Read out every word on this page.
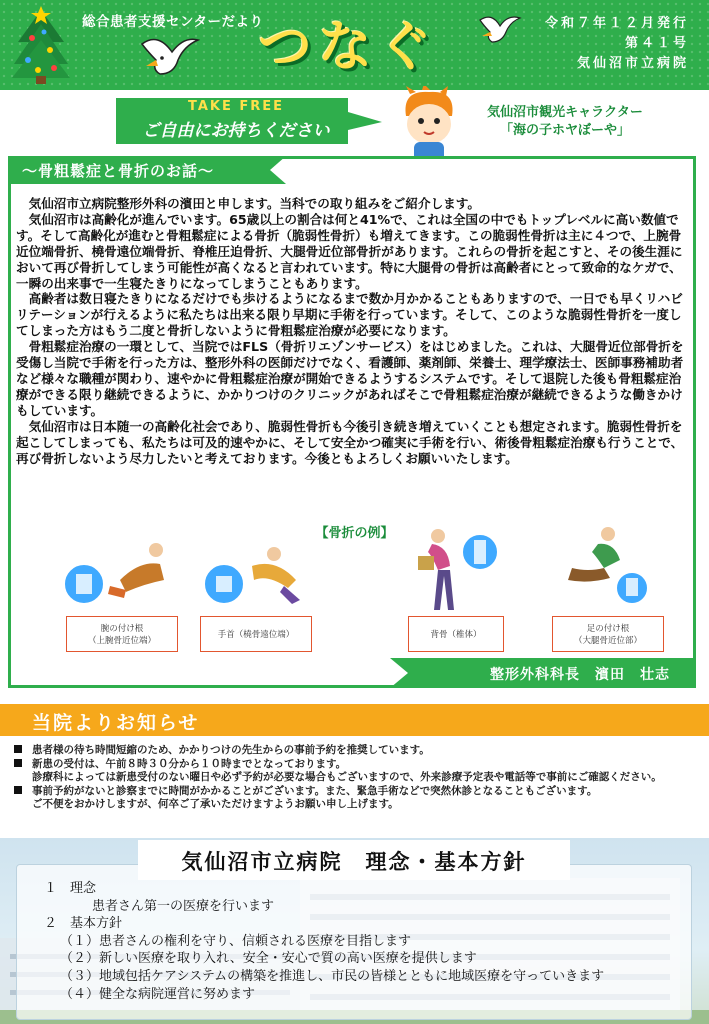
総合患者支援センターだより
つなぐ	令和７年１２月発行
第４１号
気仙沼市立病院
TAKE FREE
ご自由にお持ちください
気仙沼市観光キャラクター
「海の子ホヤぼーや」
～骨粗鬆症と骨折のお話～

気仙沼市立病院整形外科の濱田と申します。当科での取り組みをご紹介します。

気仙沼市は高齢化が進んでいます。65歳以上の割合は何と41%で、これは全国の中でもトップレベルに高い数値です。そして高齢化が進むと骨粗鬆症による骨折（脆弱性骨折）も増えてきます。この脆弱性骨折は主に４つで、上腕骨近位端骨折、橈骨遠位端骨折、脊椎圧迫骨折、大腿骨近位部骨折があります。これらの骨折を起こすと、その後生涯において再び骨折してしまう可能性が高くなると言われています。特に大腿骨の骨折は高齢者にとって致命的なケガで、一瞬の出来事で一生寝たきりになってしまうこともあります。

高齢者は数日寝たきりになるだけでも歩けるようになるまで数か月かかることもありますので、一日でも早くリハビリテーションが行えるように私たちは出来る限り早期に手術を行っています。そして、このような脆弱性骨折を一度してしまった方はもう二度と骨折しないように骨粗鬆症治療が必要になります。

骨粗鬆症治療の一環として、当院ではFLS（骨折リエゾンサービス）をはじめました。これは、大腿骨近位部骨折を受傷し当院で手術を行った方は、整形外科の医師だけでなく、看護師、薬剤師、栄養士、理学療法士、医師事務補助者など様々な職種が関わり、速やかに骨粗鬆症治療が開始できるようするシステムです。そして退院した後も骨粗鬆症治療ができる限り継続できるように、かかりつけのクリニックがあればそこで骨粗鬆症治療が継続できるような働きかけもしています。

気仙沼市は日本随一の高齢化社会であり、脆弱性骨折も今後引き続き増えていくことも想定されます。脆弱性骨折を起こしてしまっても、私たちは可及的速やかに、そして安全かつ確実に手術を行い、術後骨粗鬆症治療も行うことで、再び骨折しないよう尽力したいと考えております。今後ともよろしくお願いいたします。

【骨折の例】
腕の付け根
（上腕骨近位端）
手首（橈骨遠位端）	背骨（椎体）
足の付け根
（大腿骨近位部）
整形外科科長　濱田　壮志
当院よりお知らせ
患者様の待ち時間短縮のため、かかりつけの先生からの事前予約を推奨しています。
新患の受付は、午前８時３０分から１０時までとなっております。
診療科によっては新患受付のない曜日や必ず予約が必要な場合もございますので、外来診療予定表や電話等で事前にご確認ください。
事前予約がないと診察までに時間がかかることがございます。また、緊急手術などで突然休診となることもございます。
ご不便をおかけしますが、何卒ご了承いただけますようお願い申し上げます。
気仙沼市立病院　理念・基本方針
１　理念
患者さん第一の医療を行います
２　基本方針
（１）患者さんの権利を守り、信頼される医療を目指します
（２）新しい医療を取り入れ、安全・安心で質の高い医療を提供します
（３）地域包括ケアシステムの構築を推進し、市民の皆様とともに地域医療を守っていきます
（４）健全な病院運営に努めます
